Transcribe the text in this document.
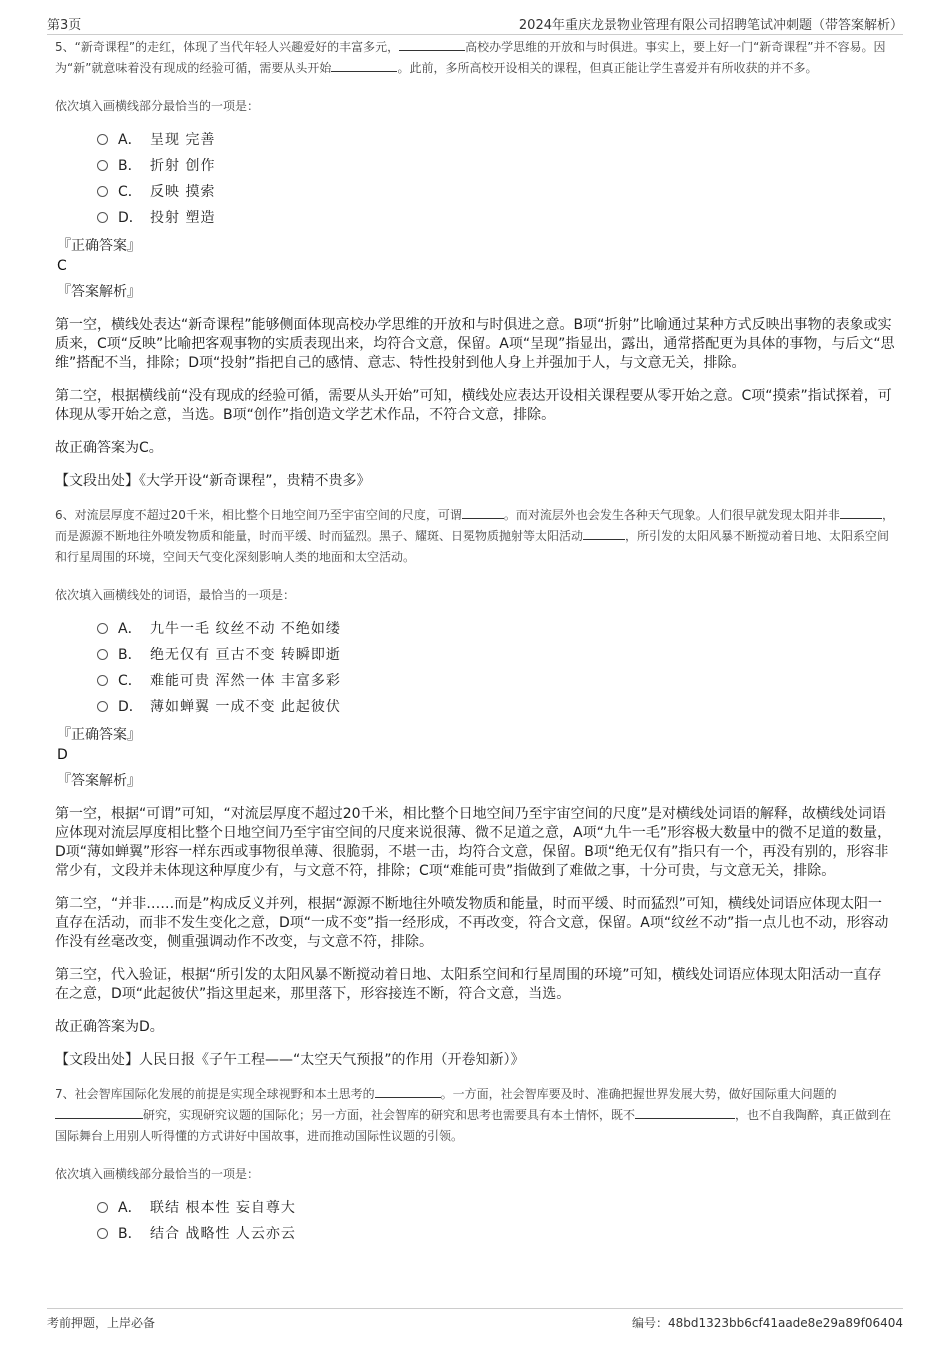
第3页	2024年重庆龙景物业管理有限公司招聘笔试冲刺题（带答案解析）

5、“新奇课程”的走红，体现了当代年轻人兴趣爱好的丰富多元，	高校办学思维的开放和与时俱进。事实上，要上好一门“新奇课程”并不容易。因为“新”就意味着没有现成的经验可循，需要从头开始	。此前，多所高校开设相关的课程，但真正能让学生喜爱并有所收获的并不多。

依次填入画横线部分最恰当的一项是：

A． 呈现 完善
B． 折射 创作
C． 反映 摸索
D． 投射 塑造
『正确答案』
C
『答案解析』

第一空，横线处表达“新奇课程”能够侧面体现高校办学思维的开放和与时俱进之意。B项“折射”比喻通过某种方式反映出事物的表象或实质来，C项“反映”比喻把客观事物的实质表现出来，均符合文意，保留。A项“呈现”指显出，露出，通常搭配更为具体的事物，与后文“思维”搭配不当，排除；D项“投射”指把自己的感情、意志、特性投射到他人身上并强加于人，与文意无关，排除。

第二空，根据横线前“没有现成的经验可循，需要从头开始”可知，横线处应表达开设相关课程要从零开始之意。C项“摸索”指试探着，可体现从零开始之意，当选。B项“创作”指创造文学艺术作品，不符合文意，排除。

故正确答案为C。

【文段出处】《大学开设“新奇课程”，贵精不贵多》

6、对流层厚度不超过20千米，相比整个日地空间乃至宇宙空间的尺度，可谓	。而对流层外也会发生各种天气现象。人们很早就发现太阳并非	，而是源源不断地往外喷发物质和能量，时而平缓、时而猛烈。黑子、耀斑、日冕物质抛射等太阳活动	，所引发的太阳风暴不断搅动着日地、太阳系空间和行星周围的环境，空间天气变化深刻影响人类的地面和太空活动。

依次填入画横线处的词语，最恰当的一项是：

A． 九牛一毛 纹丝不动 不绝如缕
B． 绝无仅有 亘古不变 转瞬即逝
C． 难能可贵 浑然一体 丰富多彩
D． 薄如蝉翼 一成不变 此起彼伏
『正确答案』
D
『答案解析』

第一空，根据“可谓”可知，“对流层厚度不超过20千米，相比整个日地空间乃至宇宙空间的尺度”是对横线处词语的解释，故横线处词语应体现对流层厚度相比整个日地空间乃至宇宙空间的尺度来说很薄、微不足道之意，A项“九牛一毛”形容极大数量中的微不足道的数量，D项“薄如蝉翼”形容一样东西或事物很单薄、很脆弱，不堪一击，均符合文意，保留。B项“绝无仅有”指只有一个，再没有别的，形容非常少有，文段并未体现这种厚度少有，与文意不符，排除；C项“难能可贵”指做到了难做之事，十分可贵，与文意无关，排除。

第二空，“并非……而是”构成反义并列，根据“源源不断地往外喷发物质和能量，时而平缓、时而猛烈”可知，横线处词语应体现太阳一直存在活动，而非不发生变化之意，D项“一成不变”指一经形成，不再改变，符合文意，保留。A项“纹丝不动”指一点儿也不动，形容动作没有丝毫改变，侧重强调动作不改变，与文意不符，排除。

第三空，代入验证，根据“所引发的太阳风暴不断搅动着日地、太阳系空间和行星周围的环境”可知，横线处词语应体现太阳活动一直存在之意，D项“此起彼伏”指这里起来，那里落下，形容接连不断，符合文意，当选。

故正确答案为D。

【文段出处】人民日报《子午工程——“太空天气预报”的作用（开卷知新）》

7、社会智库国际化发展的前提是实现全球视野和本土思考的	。一方面，社会智库要及时、准确把握世界发展大势，做好国际重大问题的研究，实现研究议题的国际化；另一方面，社会智库的研究和思考也需要具有本土情怀，既不	，也不自我陶醉，真正做到在国际舞台上用别人听得懂的方式讲好中国故事，进而推动国际性议题的引领。

依次填入画横线部分最恰当的一项是：

A． 联结 根本性 妄自尊大
B． 结合 战略性 人云亦云
考前押题，上岸必备	编号：48bd1323bb6cf41aade8e29a89f06404
